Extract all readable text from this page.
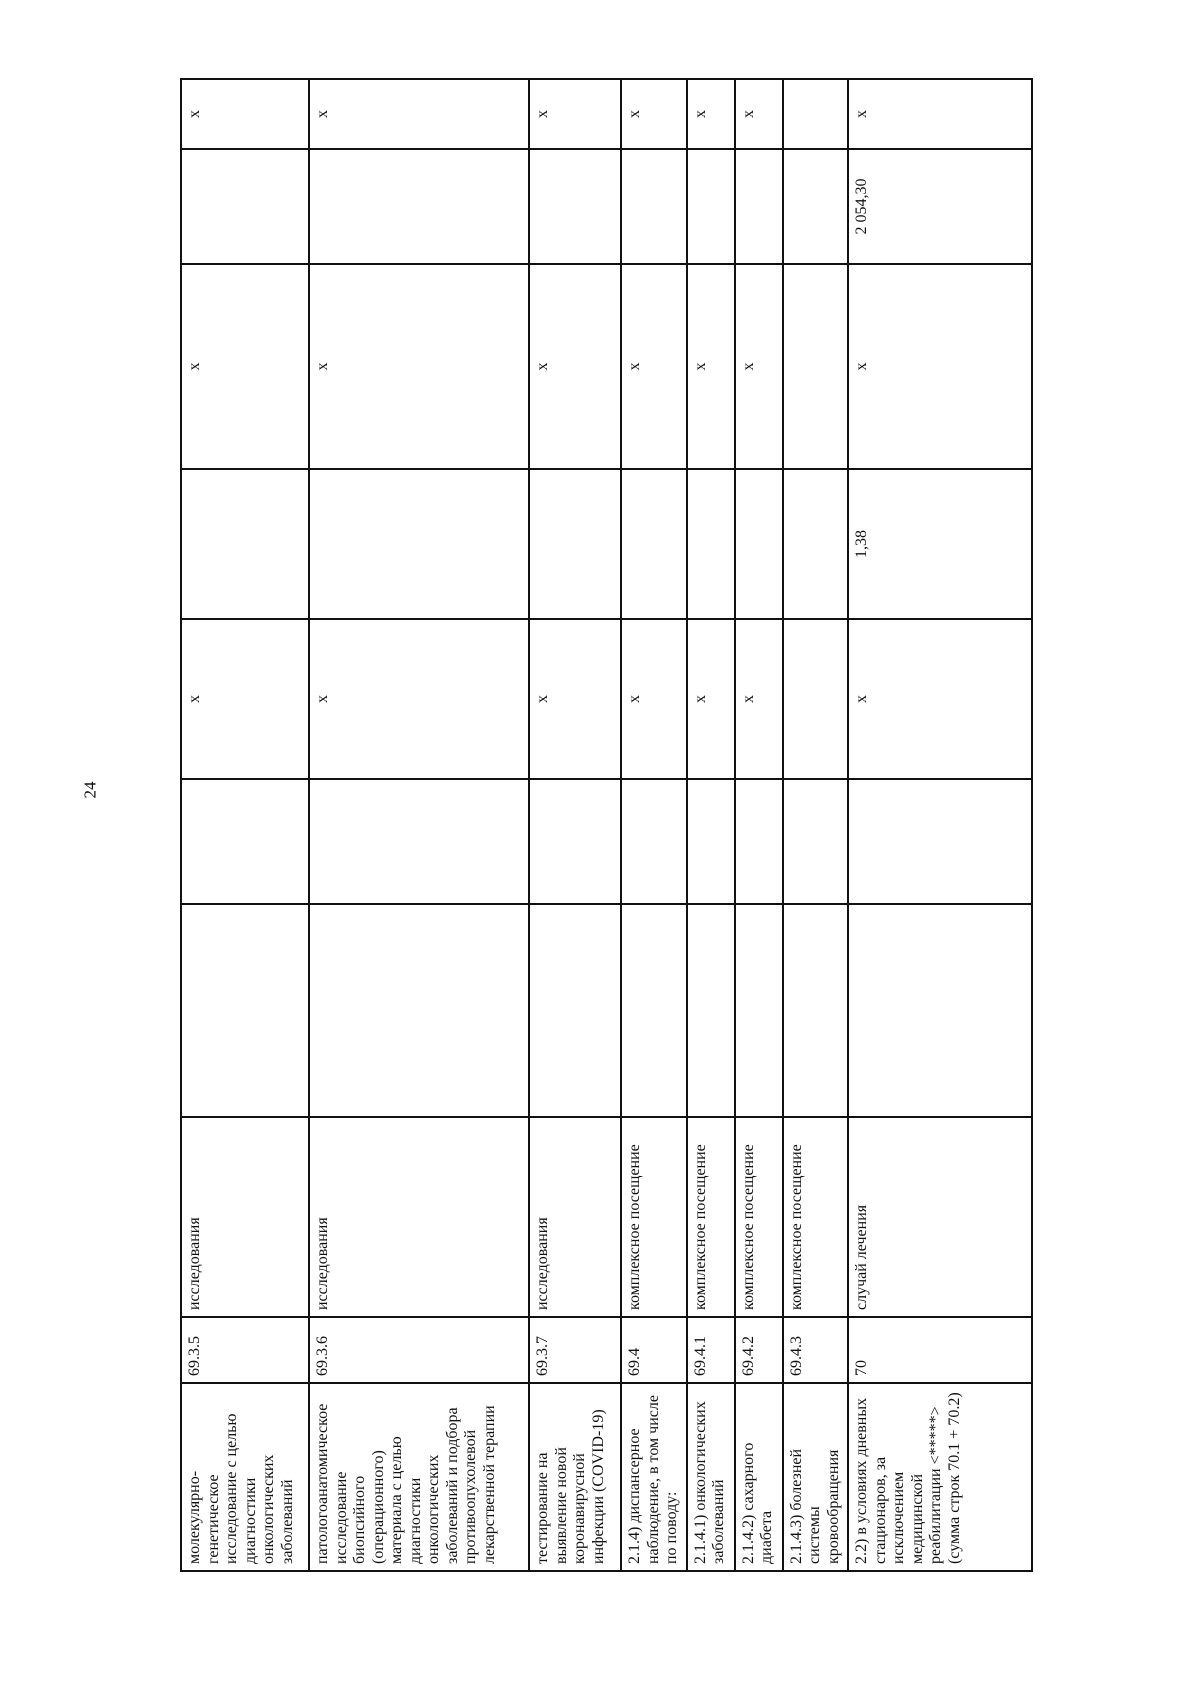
24
молекулярно-генетическое исследование с целью диагностики онкологических заболеваний	69.3.5	исследования			х		х		х
патологоанатомическое исследование биопсийного (операционного) материала с целью диагностики онкологических заболеваний и подбора противоопухолевой лекарственной терапии	69.3.6	исследования			х		х		х
тестирование на выявление новой коронавирусной инфекции (COVID-19)	69.3.7	исследования			х		х		х
2.1.4) диспансерное наблюдение, в том числе по поводу:	69.4	комплексное посещение			х		х		х
2.1.4.1) онкологических заболеваний	69.4.1	комплексное посещение			х		х		х
2.1.4.2) сахарного диабета	69.4.2	комплексное посещение			х		х		х
2.1.4.3) болезней системы кровообращения	69.4.3	комплексное посещение							
2.2) в условиях дневных стационаров, за исключением медицинской реабилитации <*****> (сумма строк 70.1 + 70.2)	70	случай лечения			х	1,38	х	2 054,30	х
